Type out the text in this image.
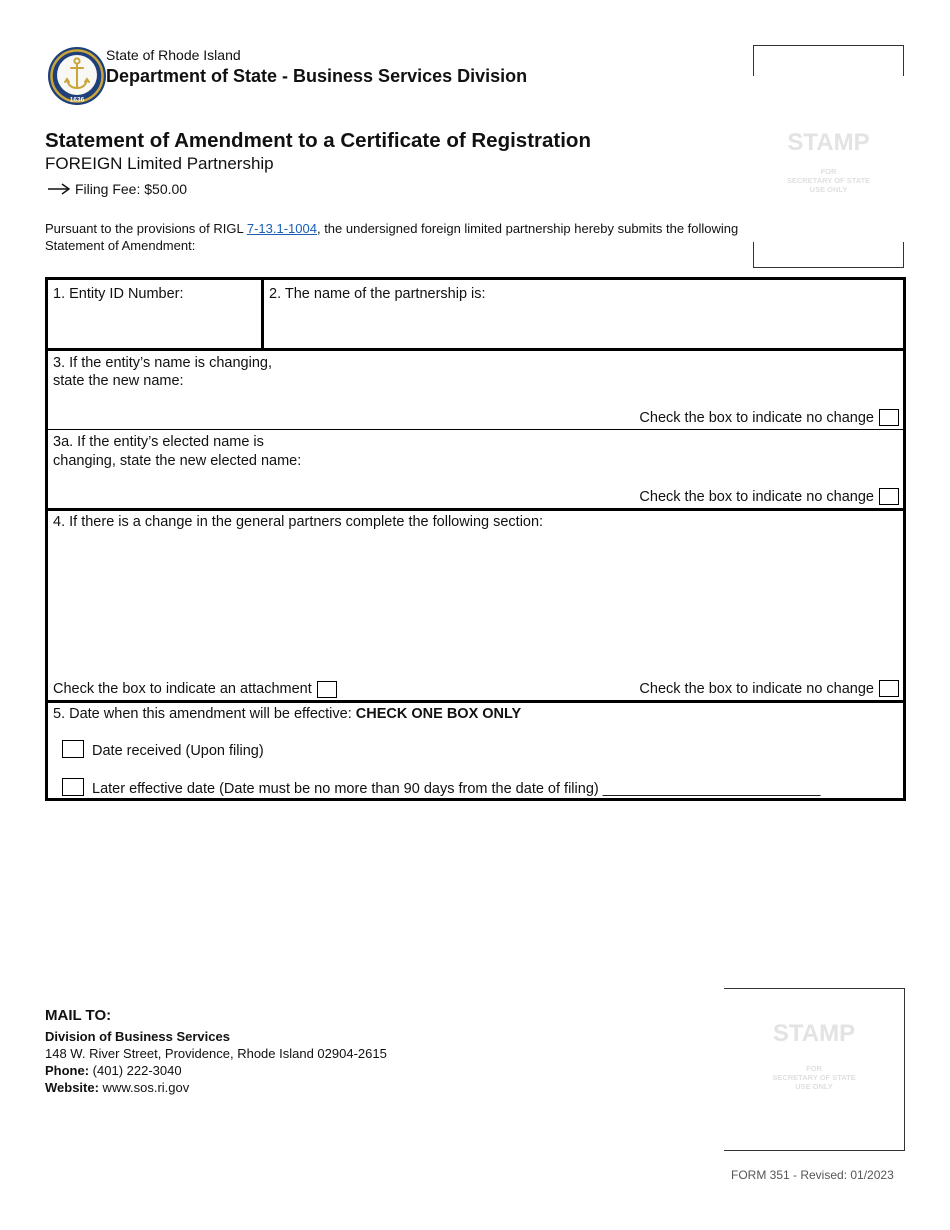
1636
State of Rhode Island
Department of State - Business Services Division
STAMP
FOR
SECRETARY OF STATE
USE ONLY
Statement of Amendment to a Certificate of Registration
FOREIGN Limited Partnership
Filing Fee: $50.00
Pursuant to the provisions of RIGL 7-13.1-1004, the undersigned foreign limited partnership hereby submits the following Statement of Amendment:
1. Entity ID Number:	2. The name of the partnership is:
3. If the entity’s name is changing,
state the new name:
Check the box to indicate no change
3a. If the entity’s elected name is
changing, state the new elected name:
Check the box to indicate no change
4. If there is a change in the general partners complete the following section:
Check the box to indicate an attachment	Check the box to indicate no change
5. Date when this amendment will be effective: CHECK ONE BOX ONLY
Date received (Upon filing)
Later effective date (Date must be no more than 90 days from the date of filing) ___________________________
MAIL TO:
Division of Business Services
148 W. River Street, Providence, Rhode Island 02904-2615
Phone: (401) 222-3040
Website: www.sos.ri.gov
STAMP
FOR
SECRETARY OF STATE
USE ONLY
FORM 351 - Revised: 01/2023
